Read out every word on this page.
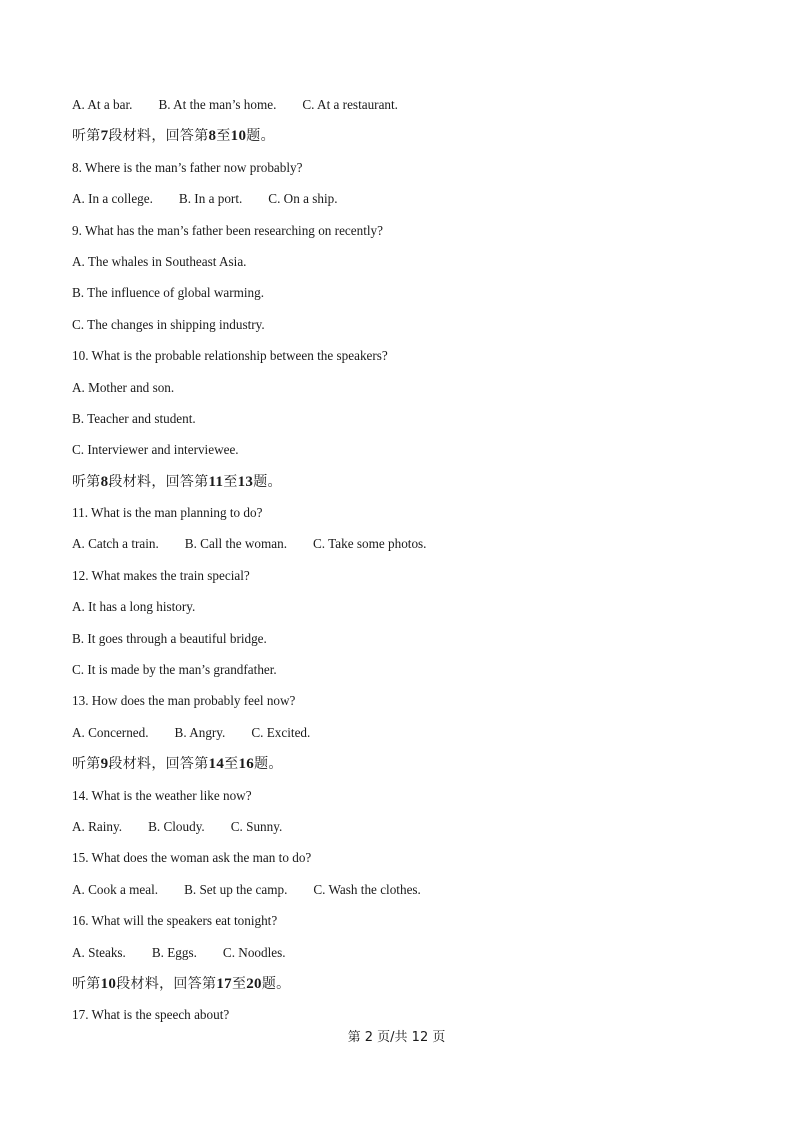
A. At a bar. B. At the man’s home. C. At a restaurant.
听第7段材料，回答第8至10题。
8. Where is the man’s father now probably?
A. In a college. B. In a port. C. On a ship.
9. What has the man’s father been researching on recently?
A. The whales in Southeast Asia.
B. The influence of global warming.
C. The changes in shipping industry.
10. What is the probable relationship between the speakers?
A. Mother and son.
B. Teacher and student.
C. Interviewer and interviewee.
听第8段材料，回答第11至13题。
11. What is the man planning to do?
A. Catch a train. B. Call the woman. C. Take some photos.
12. What makes the train special?
A. It has a long history.
B. It goes through a beautiful bridge.
C. It is made by the man’s grandfather.
13. How does the man probably feel now?
A. Concerned. B. Angry. C. Excited.
听第9段材料，回答第14至16题。
14. What is the weather like now?
A. Rainy. B. Cloudy. C. Sunny.
15. What does the woman ask the man to do?
A. Cook a meal. B. Set up the camp. C. Wash the clothes.
16. What will the speakers eat tonight?
A. Steaks. B. Eggs. C. Noodles.
听第10段材料，回答第17至20题。
17. What is the speech about?
第 2 页/共 12 页
